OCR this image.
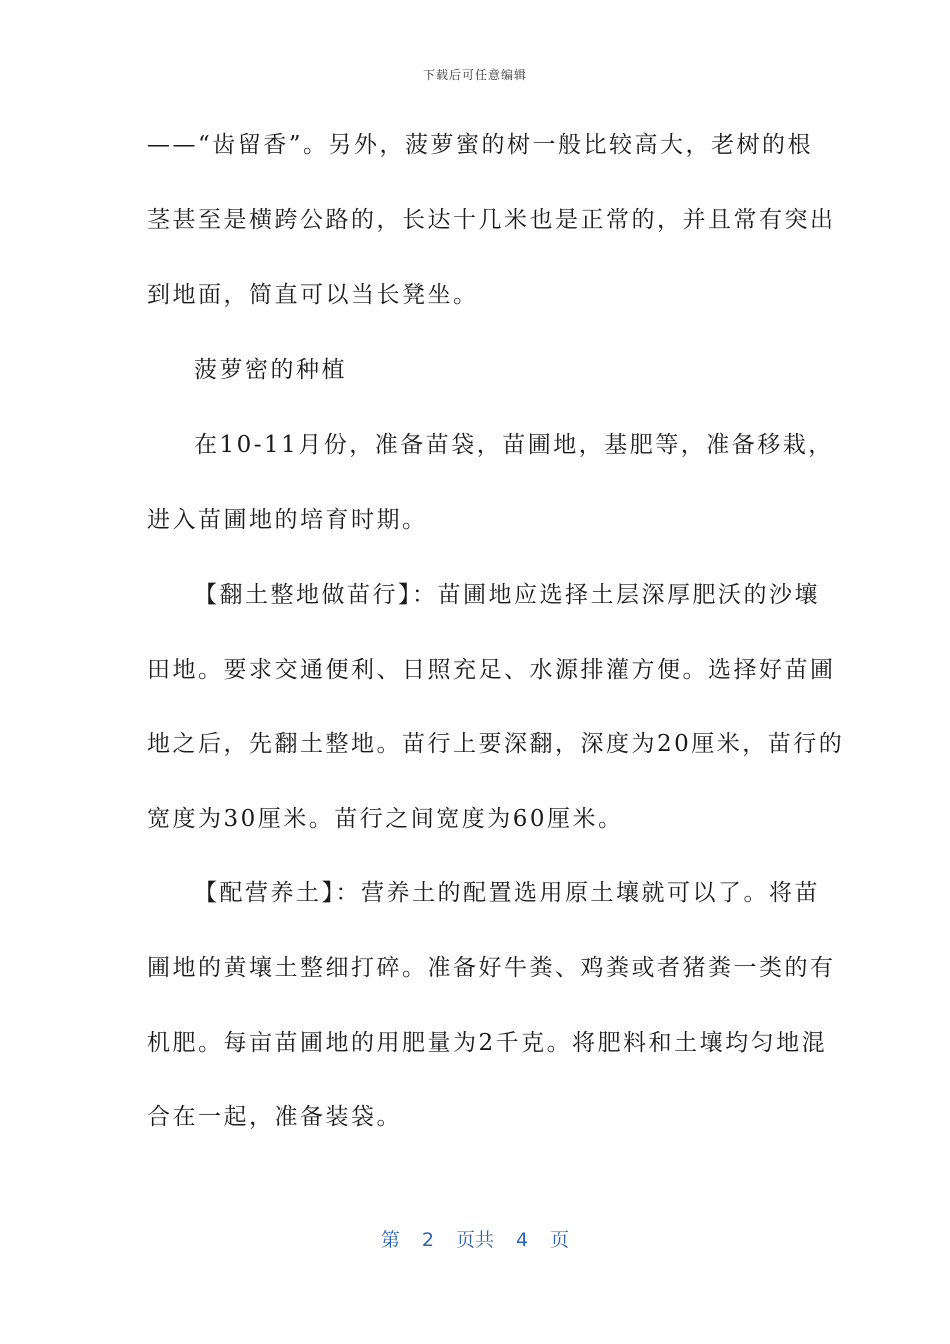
下载后可任意编辑
——“齿留香”。另外，菠萝蜜的树一般比较高大，老树的根
茎甚至是横跨公路的，长达十几米也是正常的，并且常有突出
到地面，简直可以当长凳坐。
菠萝密的种植
在10-11月份，准备苗袋，苗圃地，基肥等，准备移栽，
进入苗圃地的培育时期。
【翻土整地做苗行】：苗圃地应选择土层深厚肥沃的沙壤
田地。要求交通便利、日照充足、水源排灌方便。选择好苗圃
地之后，先翻土整地。苗行上要深翻，深度为20厘米，苗行的
宽度为30厘米。苗行之间宽度为60厘米。
【配营养土】：营养土的配置选用原土壤就可以了。将苗
圃地的黄壤土整细打碎。准备好牛粪、鸡粪或者猪粪一类的有
机肥。每亩苗圃地的用肥量为2千克。将肥料和土壤均匀地混
合在一起，准备装袋。
第 2 页共 4 页
